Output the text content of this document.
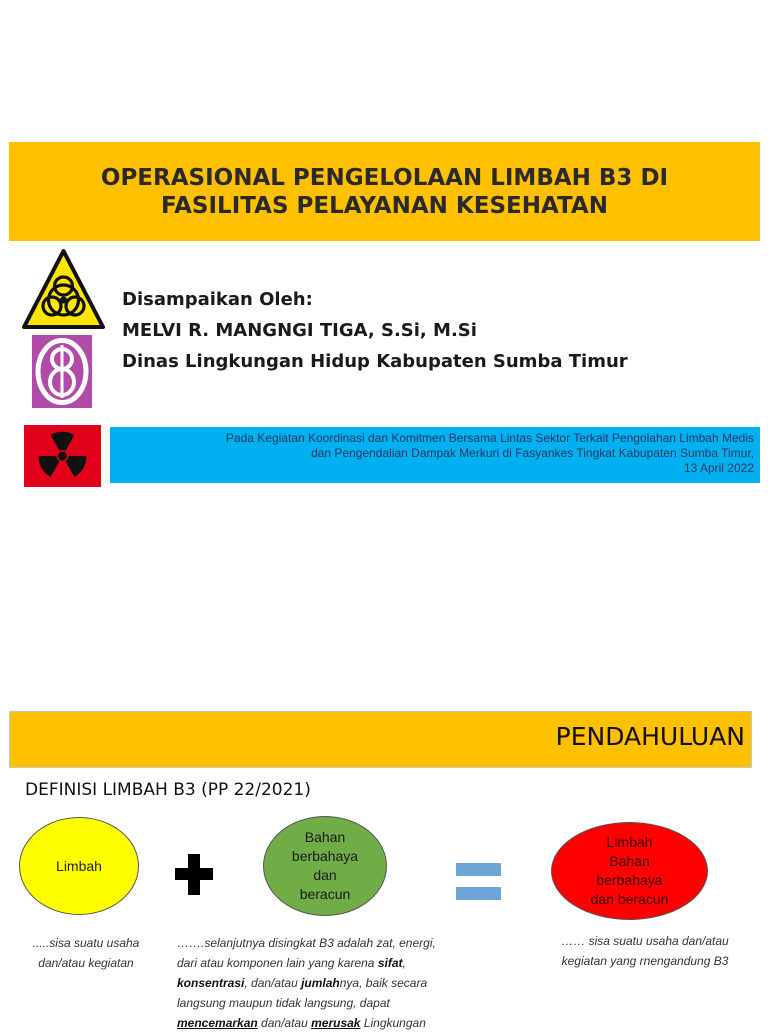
OPERASIONAL PENGELOLAAN LIMBAH B3 DI
FASILITAS PELAYANAN KESEHATAN
Disampaikan Oleh:
MELVI R. MANGNGI TIGA, S.Si, M.Si
Dinas Lingkungan Hidup Kabupaten Sumba Timur
Pada Kegiatan Koordinasi dan Komitmen Bersama Lintas Sektor Terkait Pengolahan Limbah Medis
dan Pengendalian Dampak Merkuri di Fasyankes Tingkat Kabupaten Sumba Timur,
13 April 2022
PENDAHULUAN
DEFINISI LIMBAH B3 (PP 22/2021)
Limbah
Bahan
berbahaya
dan
beracun
Limbah
Bahan
berbahaya
dan beracun
.....sisa suatu usaha
dan/atau kegiatan

…….selanjutnya disingkat B3 adalah zat, energi,

dari atau komponen lain yang karena sifat,

konsentrasi, dan/atau jumlahnya, baik secara

langsung maupun tidak langsung, dapat

mencemarkan dan/atau merusak Lingkungan

…… sisa suatu usaha dan/atau
kegiatan yang rnengandung B3
